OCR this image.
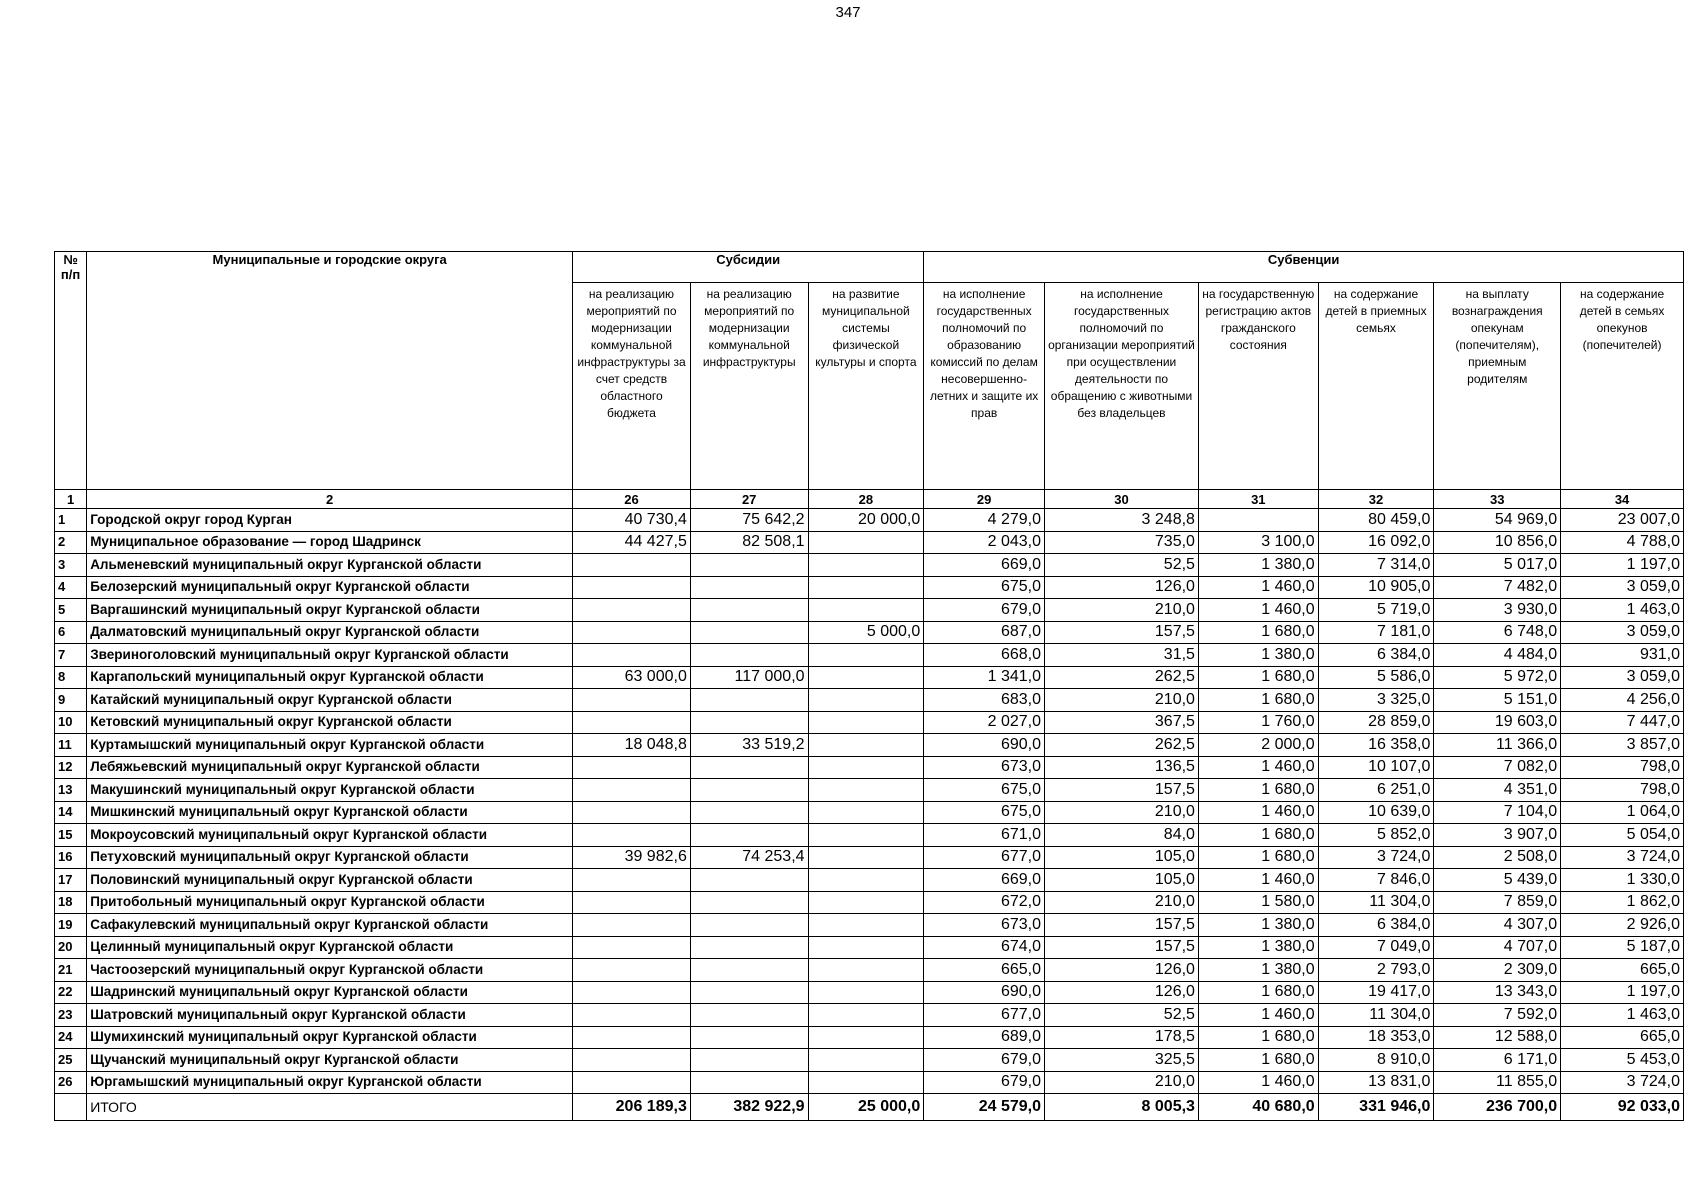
347
№ п/п	Муниципальные и городские округа	Субсидии			Субвенции					
		на реализацию мероприятий по модернизации коммунальной инфраструктуры за счет средств областного бюджета	на реализацию мероприятий по модернизации коммунальной инфраструктуры	на развитие муниципальной системы физической культуры и спорта	на исполнение государственных полномочий по образованию комиссий по делам несовершенно-летних и защите их прав	на исполнение государственных полномочий по организации мероприятий при осуществлении деятельности по обращению с животными без владельцев	на государственную регистрацию актов гражданского состояния	на содержание детей в приемных семьях	на выплату вознаграждения опекунам (попечителям), приемным родителям	на содержание детей в семьях опекунов (попечителей)
1	2	26	27	28	29	30	31	32	33	34
1	Городской округ город Курган	40 730,4	75 642,2	20 000,0	4 279,0	3 248,8		80 459,0	54 969,0	23 007,0
2	Муниципальное образование — город Шадринск	44 427,5	82 508,1		2 043,0	735,0	3 100,0	16 092,0	10 856,0	4 788,0
3	Альменевский муниципальный округ Курганской области				669,0	52,5	1 380,0	7 314,0	5 017,0	1 197,0
4	Белозерский муниципальный округ Курганской области				675,0	126,0	1 460,0	10 905,0	7 482,0	3 059,0
5	Варгашинский муниципальный округ Курганской области				679,0	210,0	1 460,0	5 719,0	3 930,0	1 463,0
6	Далматовский муниципальный округ Курганской области			5 000,0	687,0	157,5	1 680,0	7 181,0	6 748,0	3 059,0
7	Звериноголовский муниципальный округ Курганской области				668,0	31,5	1 380,0	6 384,0	4 484,0	931,0
8	Каргапольский муниципальный округ Курганской области	63 000,0	117 000,0		1 341,0	262,5	1 680,0	5 586,0	5 972,0	3 059,0
9	Катайский муниципальный округ Курганской области				683,0	210,0	1 680,0	3 325,0	5 151,0	4 256,0
10	Кетовский муниципальный округ Курганской области				2 027,0	367,5	1 760,0	28 859,0	19 603,0	7 447,0
11	Куртамышский муниципальный округ Курганской области	18 048,8	33 519,2		690,0	262,5	2 000,0	16 358,0	11 366,0	3 857,0
12	Лебяжьевский муниципальный округ Курганской области				673,0	136,5	1 460,0	10 107,0	7 082,0	798,0
13	Макушинский муниципальный округ Курганской области				675,0	157,5	1 680,0	6 251,0	4 351,0	798,0
14	Мишкинский муниципальный округ Курганской области				675,0	210,0	1 460,0	10 639,0	7 104,0	1 064,0
15	Мокроусовский муниципальный округ Курганской области				671,0	84,0	1 680,0	5 852,0	3 907,0	5 054,0
16	Петуховский муниципальный округ Курганской области	39 982,6	74 253,4		677,0	105,0	1 680,0	3 724,0	2 508,0	3 724,0
17	Половинский муниципальный округ Курганской области				669,0	105,0	1 460,0	7 846,0	5 439,0	1 330,0
18	Притобольный муниципальный округ Курганской области				672,0	210,0	1 580,0	11 304,0	7 859,0	1 862,0
19	Сафакулевский муниципальный округ Курганской области				673,0	157,5	1 380,0	6 384,0	4 307,0	2 926,0
20	Целинный муниципальный округ Курганской области				674,0	157,5	1 380,0	7 049,0	4 707,0	5 187,0
21	Частоозерский муниципальный округ Курганской области				665,0	126,0	1 380,0	2 793,0	2 309,0	665,0
22	Шадринский муниципальный округ Курганской области				690,0	126,0	1 680,0	19 417,0	13 343,0	1 197,0
23	Шатровский муниципальный округ Курганской области				677,0	52,5	1 460,0	11 304,0	7 592,0	1 463,0
24	Шумихинский муниципальный округ Курганской области				689,0	178,5	1 680,0	18 353,0	12 588,0	665,0
25	Щучанский муниципальный округ Курганской области				679,0	325,5	1 680,0	8 910,0	6 171,0	5 453,0
26	Юргамышский муниципальный округ Курганской области				679,0	210,0	1 460,0	13 831,0	11 855,0	3 724,0
	ИТОГО	206 189,3	382 922,9	25 000,0	24 579,0	8 005,3	40 680,0	331 946,0	236 700,0	92 033,0
